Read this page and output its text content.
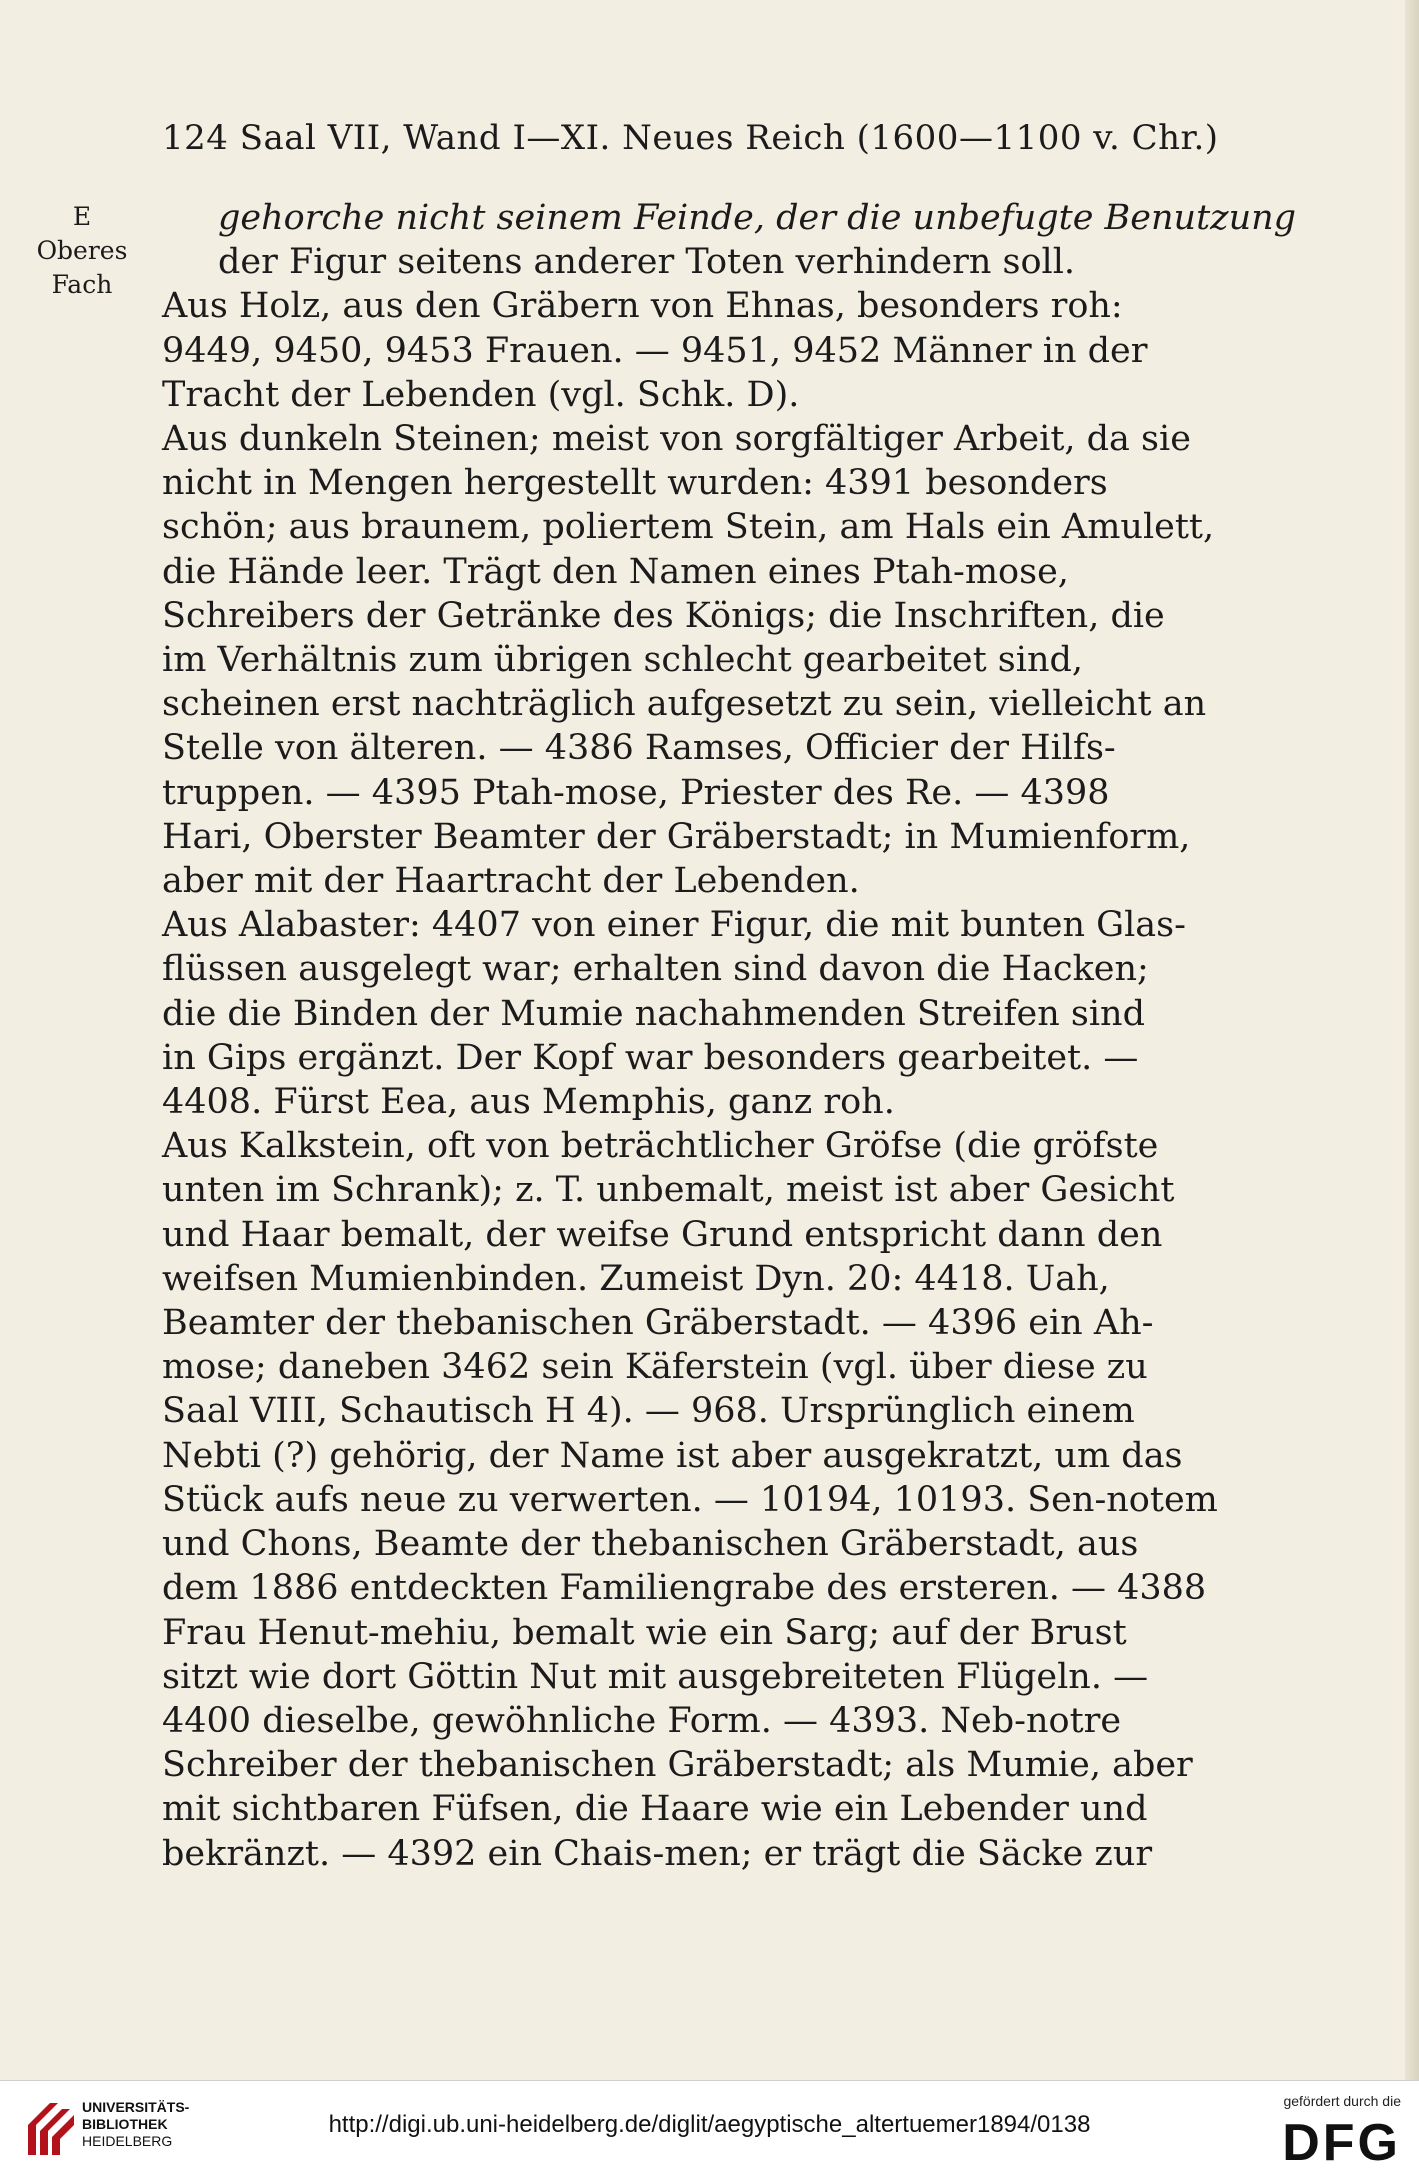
124 Saal VII, Wand I—XI. Neues Reich (1600—1100 v. Chr.)
E
Oberes
Fach
gehorche nicht seinem Feinde, der die unbefugte Benutzung
der Figur seitens anderer Toten verhindern soll.
Aus Holz, aus den Gräbern von Ehnas, besonders roh:
9449, 9450, 9453 Frauen. — 9451, 9452 Männer in der
Tracht der Lebenden (vgl. Schk. D).
Aus dunkeln Steinen; meist von sorgfältiger Arbeit, da sie
nicht in Mengen hergestellt wurden: 4391 besonders
schön; aus braunem, poliertem Stein, am Hals ein Amulett,
die Hände leer. Trägt den Namen eines Ptah-mose,
Schreibers der Getränke des Königs; die Inschriften, die
im Verhältnis zum übrigen schlecht gearbeitet sind,
scheinen erst nachträglich aufgesetzt zu sein, vielleicht an
Stelle von älteren. — 4386 Ramses, Officier der Hilfs-
truppen. — 4395 Ptah-mose, Priester des Re. — 4398
Hari, Oberster Beamter der Gräberstadt; in Mumienform,
aber mit der Haartracht der Lebenden.
Aus Alabaster: 4407 von einer Figur, die mit bunten Glas-
flüssen ausgelegt war; erhalten sind davon die Hacken;
die die Binden der Mumie nachahmenden Streifen sind
in Gips ergänzt. Der Kopf war besonders gearbeitet. —
4408. Fürst Eea, aus Memphis, ganz roh.
Aus Kalkstein, oft von beträchtlicher Gröfse (die gröfste
unten im Schrank); z. T. unbemalt, meist ist aber Gesicht
und Haar bemalt, der weifse Grund entspricht dann den
weifsen Mumienbinden. Zumeist Dyn. 20: 4418. Uah,
Beamter der thebanischen Gräberstadt. — 4396 ein Ah-
mose; daneben 3462 sein Käferstein (vgl. über diese zu
Saal VIII, Schautisch H 4). — 968. Ursprünglich einem
Nebti (?) gehörig, der Name ist aber ausgekratzt, um das
Stück aufs neue zu verwerten. — 10194, 10193. Sen-notem
und Chons, Beamte der thebanischen Gräberstadt, aus
dem 1886 entdeckten Familiengrabe des ersteren. — 4388
Frau Henut-mehiu, bemalt wie ein Sarg; auf der Brust
sitzt wie dort Göttin Nut mit ausgebreiteten Flügeln. —
4400 dieselbe, gewöhnliche Form. — 4393. Neb-notre
Schreiber der thebanischen Gräberstadt; als Mumie, aber
mit sichtbaren Füfsen, die Haare wie ein Lebender und
bekränzt. — 4392 ein Chais-men; er trägt die Säcke zur
UNIVERSITÄTS-
BIBLIOTHEK
HEIDELBERG
http://digi.ub.uni-heidelberg.de/diglit/aegyptische_altertuemer1894/0138
gefördert durch die
DFG
